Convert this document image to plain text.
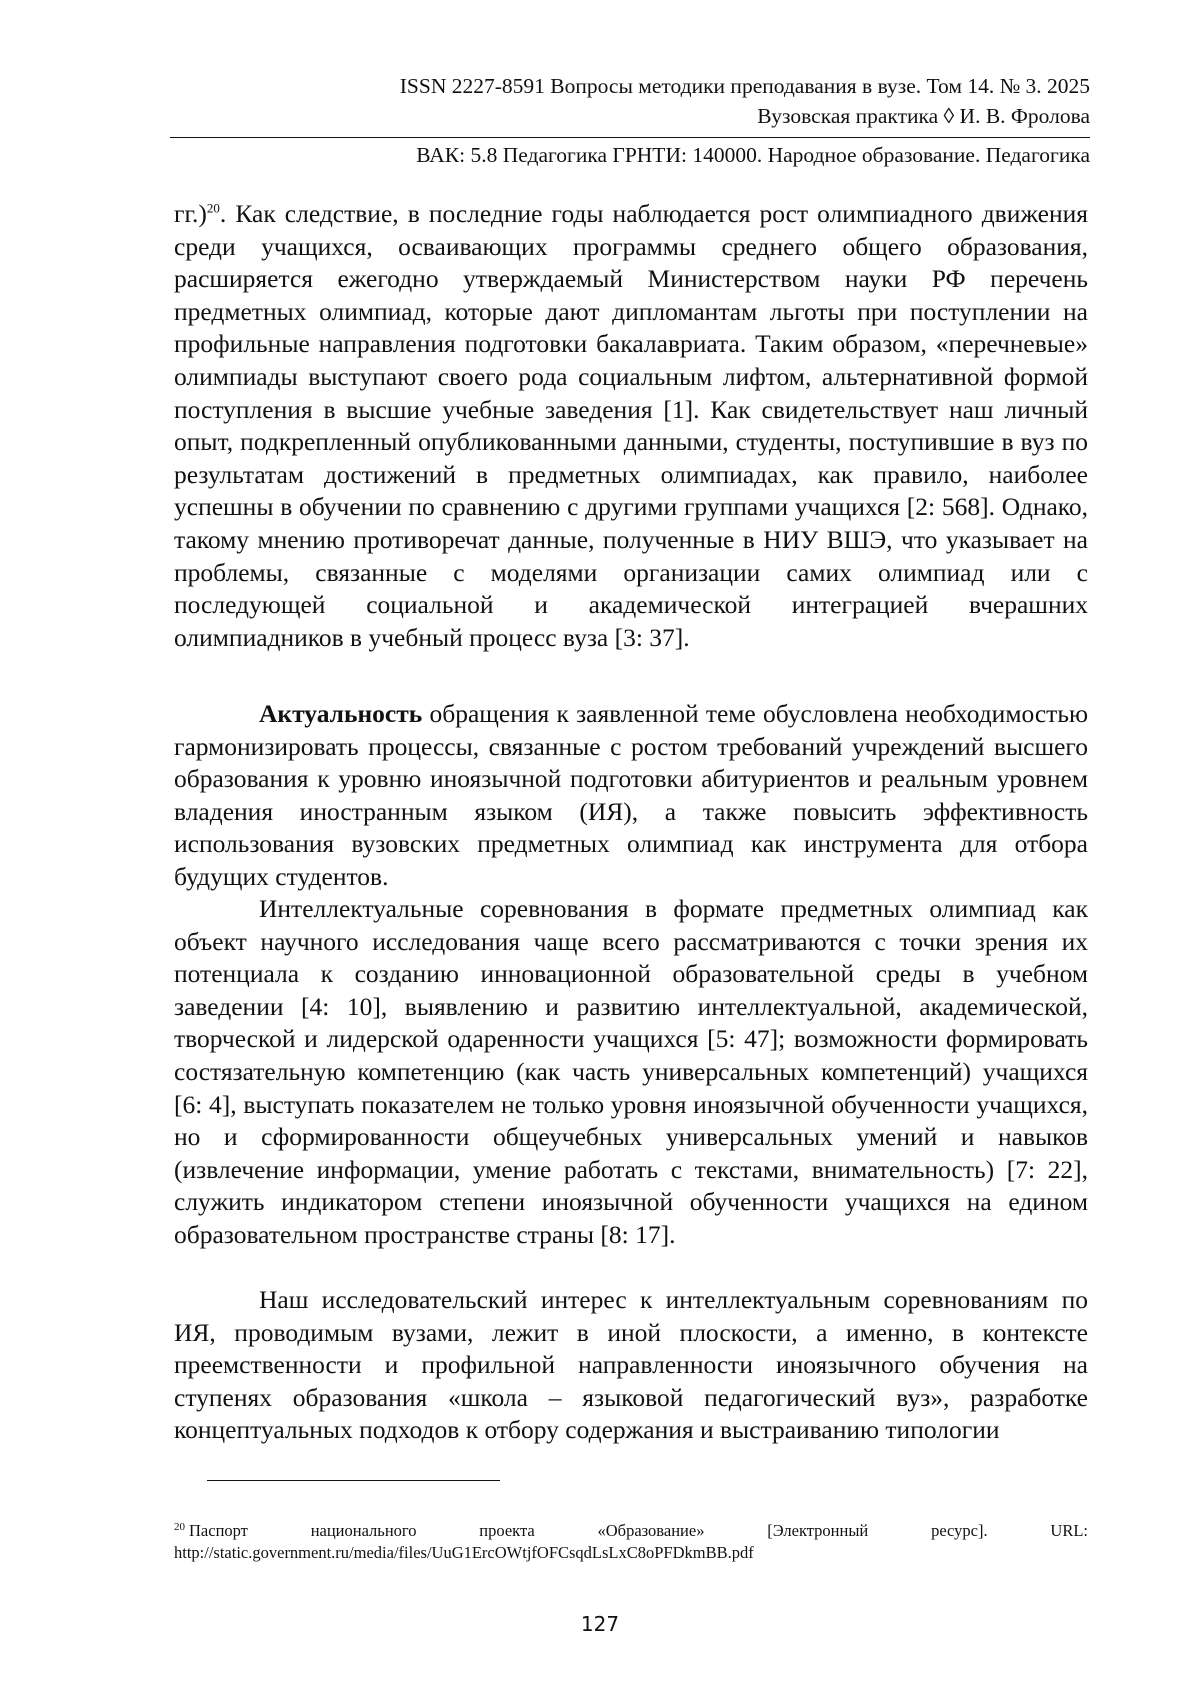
ISSN 2227-8591 Вопросы методики преподавания в вузе. Том 14. № 3. 2025
Вузовская практика ◊ И. В. Фролова
ВАК: 5.8 Педагогика ГРНТИ: 140000. Народное образование. Педагогика
гг.)$^{20}$. Как следствие, в последние годы наблюдается рост олимпиадного движения среди учащихся, осваивающих программы среднего общего образования, расширяется ежегодно утверждаемый Министерством науки РФ перечень предметных олимпиад, которые дают дипломантам льготы при поступлении на профильные направления подготовки бакалавриата. Таким образом, «перечневые» олимпиады выступают своего рода социальным лифтом, альтернативной формой поступления в высшие учебные заведения [1]. Как свидетельствует наш личный опыт, подкрепленный опубликованными данными, студенты, поступившие в вуз по результатам достижений в предметных олимпиадах, как правило, наиболее успешны в обучении по сравнению с другими группами учащихся [2: 568]. Однако, такому мнению противоречат данные, полученные в НИУ ВШЭ, что указывает на проблемы, связанные с моделями организации самих олимпиад или с последующей социальной и академической интеграцией вчерашних олимпиадников в учебный процесс вуза [3: 37].
Актуальность обращения к заявленной теме обусловлена необходимостью гармонизировать процессы, связанные с ростом требований учреждений высшего образования к уровню иноязычной подготовки абитуриентов и реальным уровнем владения иностранным языком (ИЯ), а также повысить эффективность использования вузовских предметных олимпиад как инструмента для отбора будущих студентов.
Интеллектуальные соревнования в формате предметных олимпиад как объект научного исследования чаще всего рассматриваются с точки зрения их потенциала к созданию инновационной образовательной среды в учебном заведении [4: 10], выявлению и развитию интеллектуальной, академической, творческой и лидерской одаренности учащихся [5: 47]; возможности формировать состязательную компетенцию (как часть универсальных компетенций) учащихся [6: 4], выступать показателем не только уровня иноязычной обученности учащихся, но и сформированности общеучебных универсальных умений и навыков (извлечение информации, умение работать с текстами, внимательность) [7: 22], служить индикатором степени иноязычной обученности учащихся на едином образовательном пространстве страны [8: 17].
Наш исследовательский интерес к интеллектуальным соревнованиям по ИЯ, проводимым вузами, лежит в иной плоскости, а именно, в контексте преемственности и профильной направленности иноязычного обучения на ступенях образования «школа – языковой педагогический вуз», разработке концептуальных подходов к отбору содержания и выстраиванию типологии
$^{20}$ Паспорт национального проекта «Образование» [Электронный ресурс]. URL:
http://static.government.ru/media/files/UuG1ErcOWtjfOFCsqdLsLxC8oPFDkmBB.pdf
127
